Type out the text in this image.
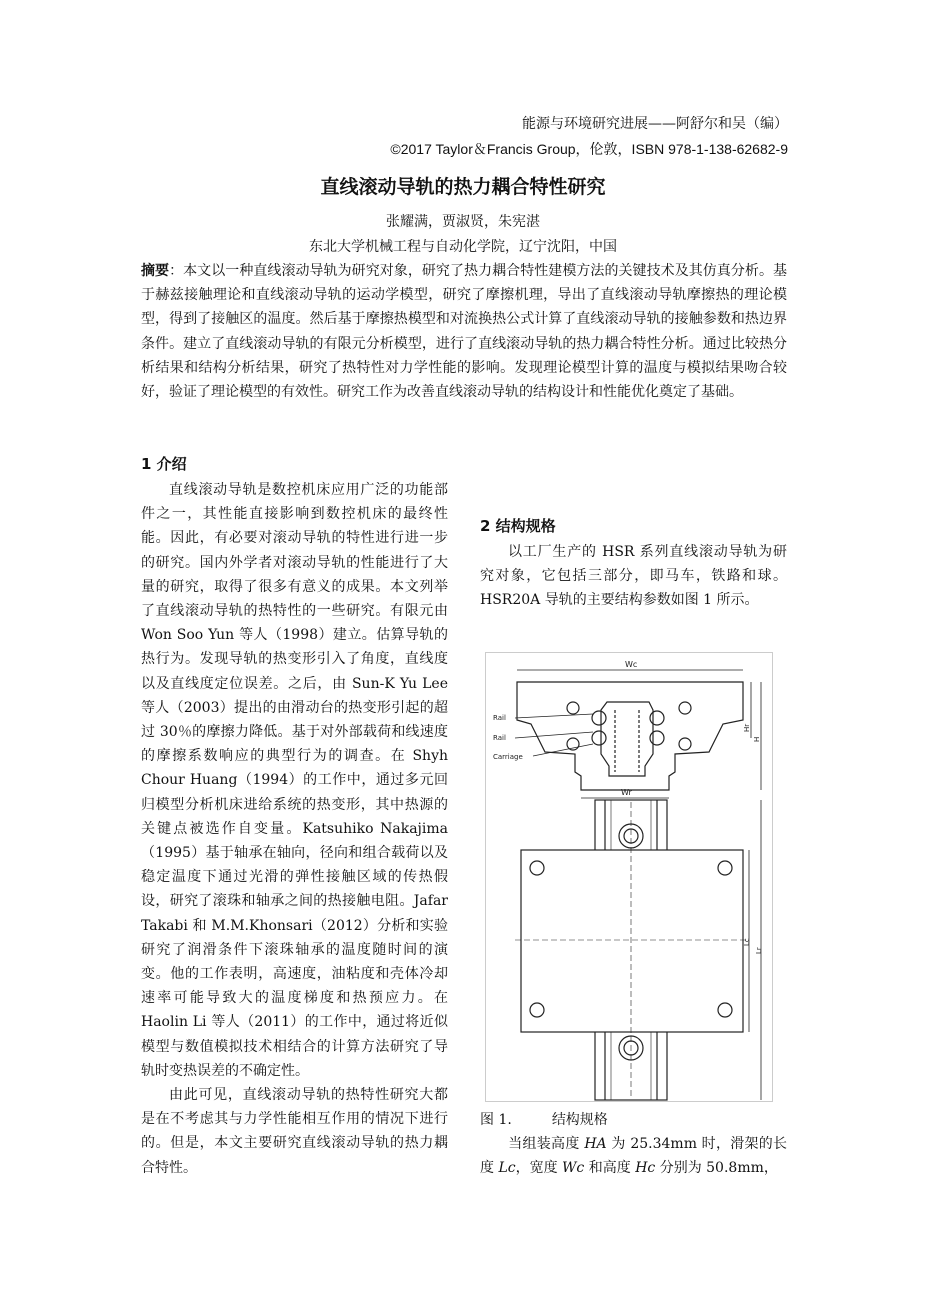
能源与环境研究进展——阿舒尔和吴（编）
©2017 Taylor＆Francis Group，伦敦，ISBN 978-1-138-62682-9
直线滚动导轨的热力耦合特性研究
张耀满，贾淑贤，朱宪湛
东北大学机械工程与自动化学院，辽宁沈阳，中国
摘要：本文以一种直线滚动导轨为研究对象，研究了热力耦合特性建模方法的关键技术及其仿真分析。基于赫兹接触理论和直线滚动导轨的运动学模型，研究了摩擦机理，导出了直线滚动导轨摩擦热的理论模型，得到了接触区的温度。然后基于摩擦热模型和对流换热公式计算了直线滚动导轨的接触参数和热边界条件。建立了直线滚动导轨的有限元分析模型，进行了直线滚动导轨的热力耦合特性分析。通过比较热分析结果和结构分析结果，研究了热特性对力学性能的影响。发现理论模型计算的温度与模拟结果吻合较好，验证了理论模型的有效性。研究工作为改善直线滚动导轨的结构设计和性能优化奠定了基础。
1 介绍

直线滚动导轨是数控机床应用广泛的功能部件之一，其性能直接影响到数控机床的最终性能。因此，有必要对滚动导轨的特性进行进一步的研究。国内外学者对滚动导轨的性能进行了大量的研究，取得了很多有意义的成果。本文列举了直线滚动导轨的热特性的一些研究。有限元由 Won Soo Yun 等人（1998）建立。估算导轨的热行为。发现导轨的热变形引入了角度，直线度以及直线度定位误差。之后，由 Sun-K Yu Lee 等人（2003）提出的由滑动台的热变形引起的超过 30％的摩擦力降低。基于对外部载荷和线速度的摩擦系数响应的典型行为的调查。在 Shyh Chour Huang（1994）的工作中，通过多元回归模型分析机床进给系统的热变形，其中热源的关键点被选作自变量。Katsuhiko Nakajima（1995）基于轴承在轴向，径向和组合载荷以及稳定温度下通过光滑的弹性接触区域的传热假设，研究了滚珠和轴承之间的热接触电阻。Jafar Takabi 和 M.M.Khonsari（2012）分析和实验研究了润滑条件下滚珠轴承的温度随时间的演变。他的工作表明，高速度，油粘度和壳体冷却速率可能导致大的温度梯度和热预应力。在 Haolin Li 等人（2011）的工作中，通过将近似模型与数值模拟技术相结合的计算方法研究了导轨时变热误差的不确定性。

由此可见，直线滚动导轨的热特性研究大都是在不考虑其与力学性能相互作用的情况下进行的。但是，本文主要研究直线滚动导轨的热力耦合特性。

2 结构规格

以工厂生产的 HSR 系列直线滚动导轨为研究对象，它包括三部分，即马车，铁路和球。 HSR20A 导轨的主要结构参数如图 1 所示。

Wc
Wr
Rail
Rail
Carriage
Hr
H
Lc
Lr
图 1.	结构规格
当组装高度 HA 为 25.34mm 时，滑架的长度 Lc，宽度 Wc 和高度 Hc 分别为 50.8mm，
